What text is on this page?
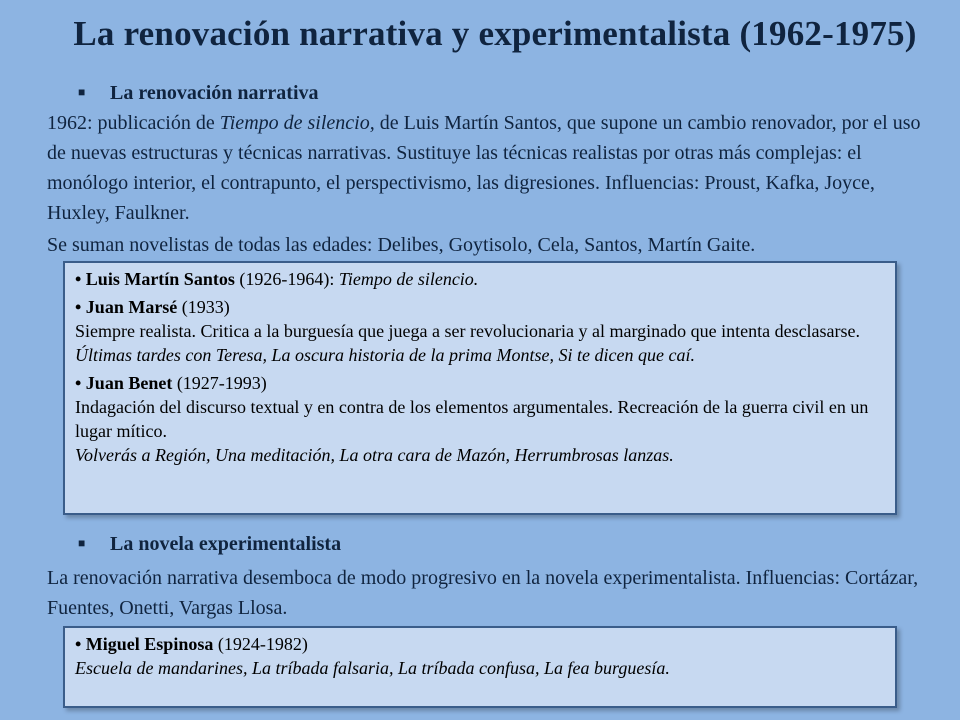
La renovación narrativa y experimentalista (1962-1975)
■ La renovación narrativa
1962: publicación de Tiempo de silencio, de Luis Martín Santos, que supone un cambio renovador, por el uso de nuevas estructuras y técnicas narrativas. Sustituye las técnicas realistas por otras más complejas: el monólogo interior, el contrapunto, el perspectivismo, las digresiones. Influencias: Proust, Kafka, Joyce, Huxley, Faulkner.
Se suman novelistas de todas las edades: Delibes, Goytisolo, Cela, Santos, Martín Gaite.
• Luis Martín Santos (1926-1964): Tiempo de silencio.
• Juan Marsé (1933)
Siempre realista. Critica a la burguesía que juega a ser revolucionaria y al marginado que intenta desclasarse.
Últimas tardes con Teresa, La oscura historia de la prima Montse, Si te dicen que caí.
• Juan Benet (1927-1993)
Indagación del discurso textual y en contra de los elementos argumentales. Recreación de la guerra civil en un lugar mítico.
Volverás a Región, Una meditación, La otra cara de Mazón, Herrumbrosas lanzas.
■ La novela experimentalista
La renovación narrativa desemboca de modo progresivo en la novela experimentalista. Influencias: Cortázar, Fuentes, Onetti, Vargas Llosa.
• Miguel Espinosa (1924-1982)
Escuela de mandarines, La tríbada falsaria, La tríbada confusa, La fea burguesía.
